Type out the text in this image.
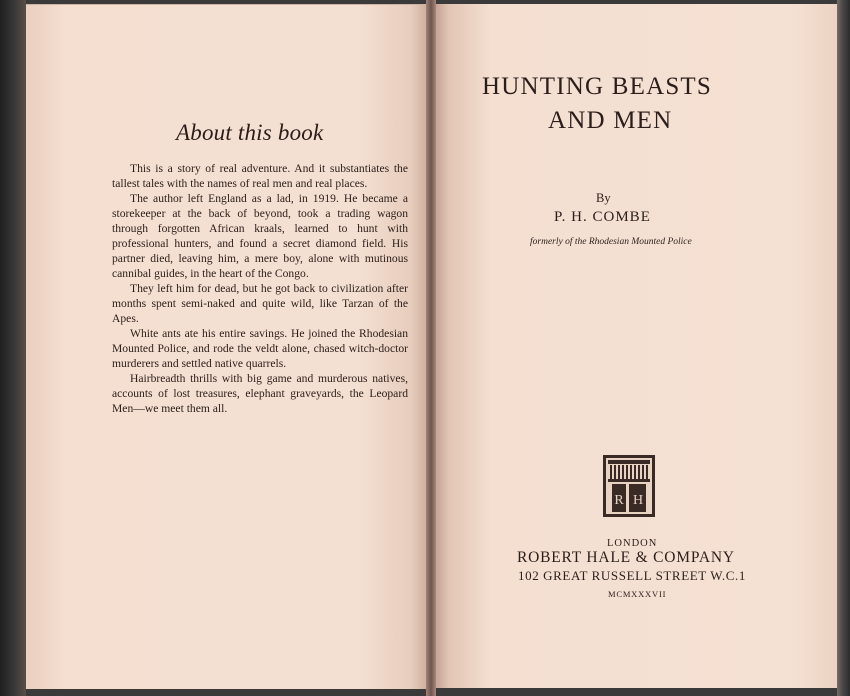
About this book

This is a story of real adventure. And it substantiates the tallest tales with the names of real men and real places.

The author left England as a lad, in 1919. He became a storekeeper at the back of beyond, took a trading wagon through forgotten African kraals, learned to hunt with professional hunters, and found a secret diamond field. His partner died, leaving him, a mere boy, alone with mutinous cannibal guides, in the heart of the Congo.

They left him for dead, but he got back to civilization after months spent semi-naked and quite wild, like Tarzan of the Apes.

White ants ate his entire savings. He joined the Rhodesian Mounted Police, and rode the veldt alone, chased witch-doctor murderers and settled native quarrels.

Hairbreadth thrills with big game and murderous natives, accounts of lost treasures, elephant graveyards, the Leopard Men—we meet them all.

HUNTING BEASTS
AND MEN
By
P. H. COMBE
formerly of the Rhodesian Mounted Police
R H
LONDON
ROBERT HALE & COMPANY
102 GREAT RUSSELL STREET W.C.1
MCMXXXVII
